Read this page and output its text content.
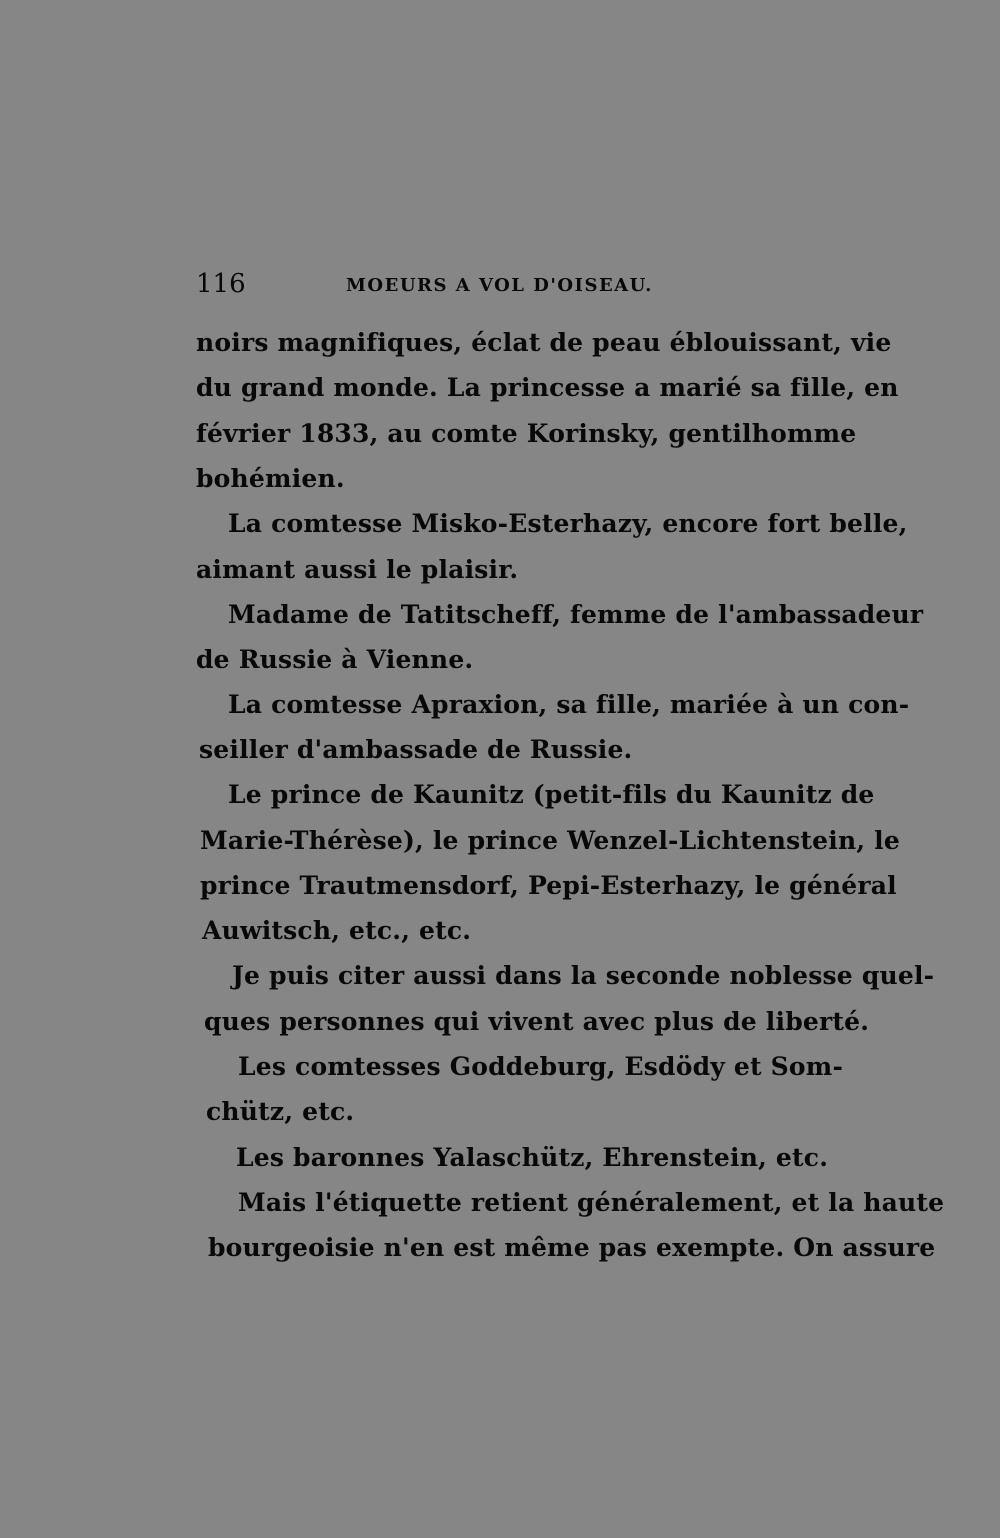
116	MOEURS A VOL D'OISEAU.
noirs magnifiques, éclat de peau éblouissant, vie
du grand monde. La princesse a marié sa fille, en
février 1833, au comte Korinsky, gentilhomme
bohémien.
La comtesse Misko-Esterhazy, encore fort belle,
aimant aussi le plaisir.
Madame de Tatitscheff, femme de l'ambassadeur
de Russie à Vienne.
La comtesse Apraxion, sa fille, mariée à un con-
seiller d'ambassade de Russie.
Le prince de Kaunitz (petit-fils du Kaunitz de
Marie-Thérèse), le prince Wenzel-Lichtenstein, le
prince Trautmensdorf, Pepi-Esterhazy, le général
Auwitsch, etc., etc.
Je puis citer aussi dans la seconde noblesse quel-
ques personnes qui vivent avec plus de liberté.
Les comtesses Goddeburg, Esdödy et Som-
chütz, etc.
Les baronnes Yalaschütz, Ehrenstein, etc.
Mais l'étiquette retient généralement, et la haute
bourgeoisie n'en est même pas exempte. On assure
